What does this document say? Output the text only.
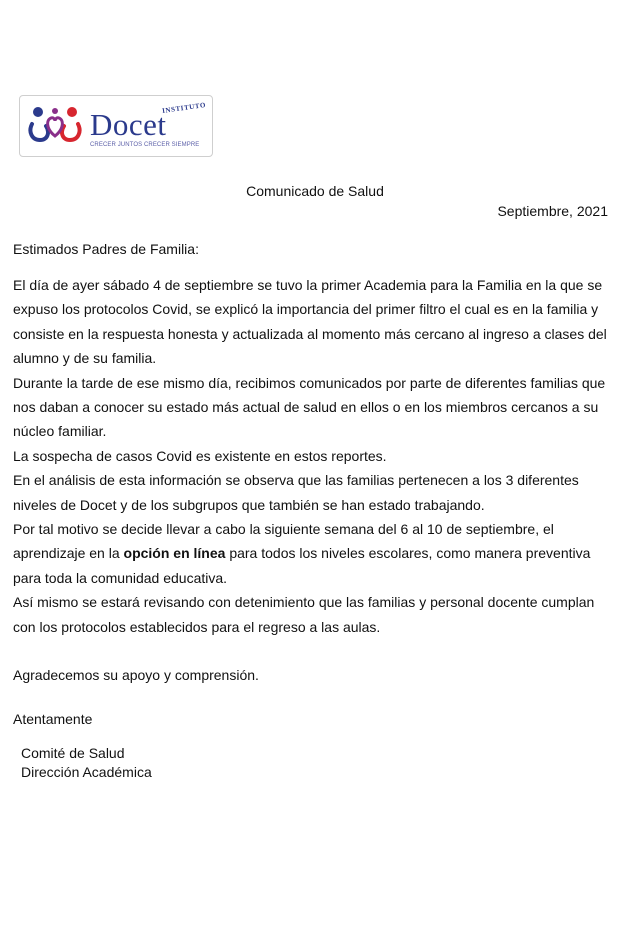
INSTITUTO
Docet
CRECER JUNTOS CRECER SIEMPRE
Comunicado de Salud
Septiembre, 2021

Estimados Padres de Familia:

El día de ayer sábado 4 de septiembre se tuvo la primer Academia para la Familia en la que se expuso los protocolos Covid, se explicó la importancia del primer filtro el cual es en la familia y consiste en la respuesta honesta y actualizada al momento más cercano al ingreso a clases del alumno y de su familia.

Durante la tarde de ese mismo día, recibimos comunicados por parte de diferentes familias que nos daban a conocer su estado más actual de salud en ellos o en los miembros cercanos a su núcleo familiar.

La sospecha de casos Covid es existente en estos reportes.

En el análisis de esta información se observa que las familias pertenecen a los 3 diferentes niveles de Docet y de los subgrupos que también se han estado trabajando.

Por tal motivo se decide llevar a cabo la siguiente semana del 6 al 10 de septiembre, el aprendizaje en la opción en línea para todos los niveles escolares, como manera preventiva para toda la comunidad educativa.

Así mismo se estará revisando con detenimiento que las familias y personal docente cumplan con los protocolos establecidos para el regreso a las aulas.

Agradecemos su apoyo y comprensión.

Atentamente

Comité de Salud

Dirección Académica
